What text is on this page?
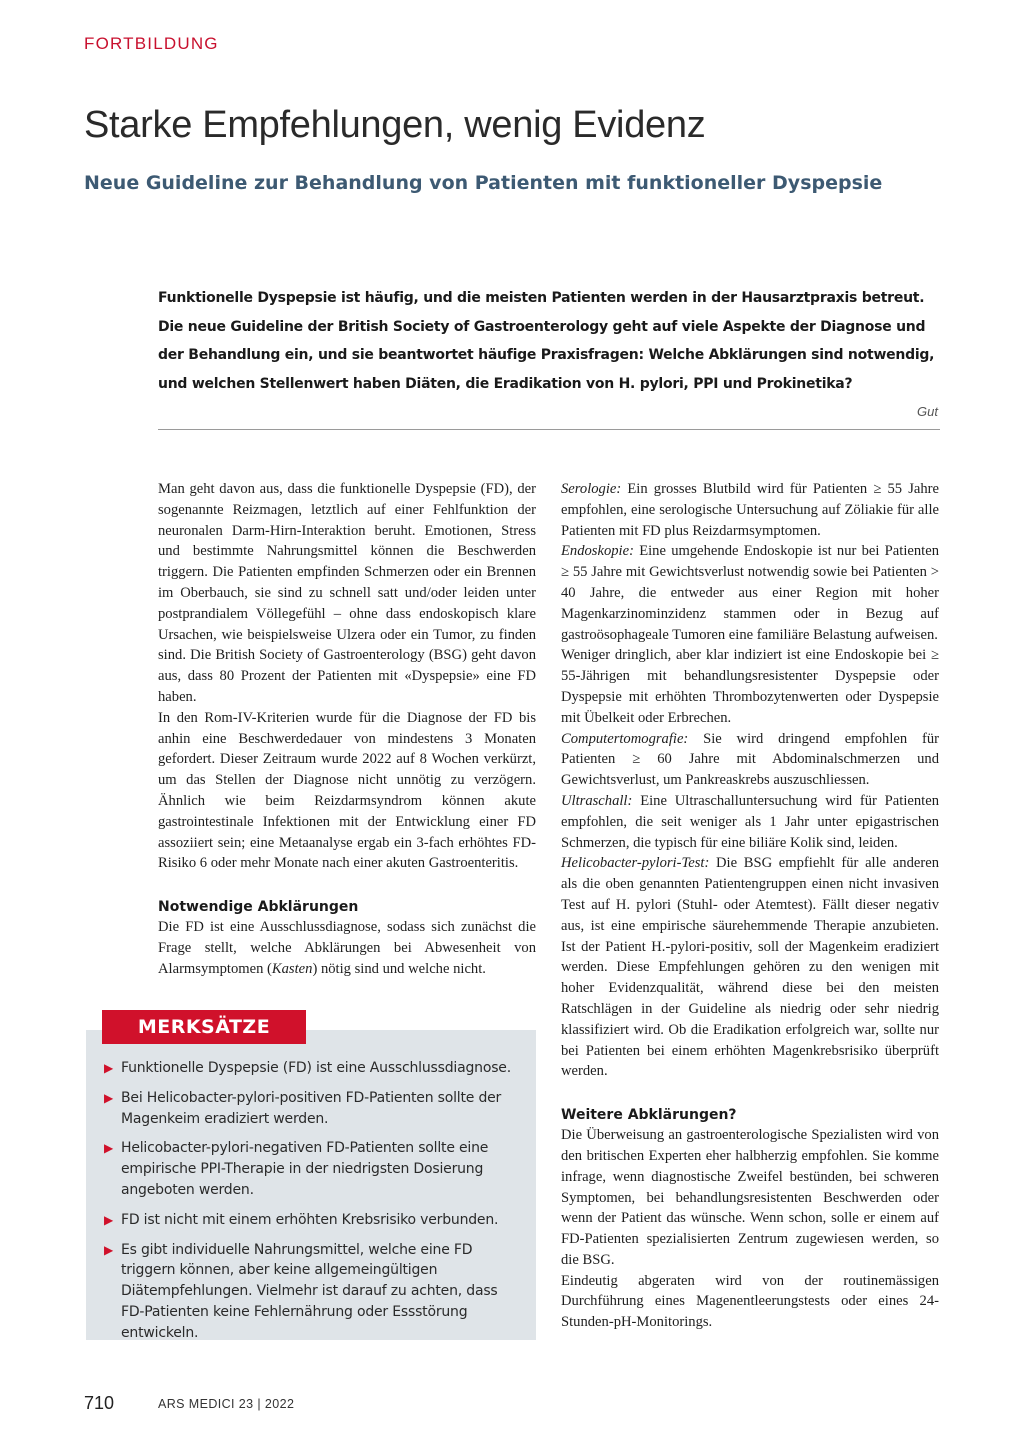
FORTBILDUNG
Starke Empfehlungen, wenig Evidenz
Neue Guideline zur Behandlung von Patienten mit funktioneller Dyspepsie

Funktionelle Dyspepsie ist häufig, und die meisten Patienten werden in der Hausarztpraxis betreut. Die neue Guideline der British Society of Gastroenterology geht auf viele Aspekte der Diagnose und der Behandlung ein, und sie beantwortet häufige Praxisfragen: Welche Abklärungen sind notwendig, und welchen Stellenwert haben Diäten, die Eradikation von H. pylori, PPI und Prokinetika?

Gut

Man geht davon aus, dass die funktionelle Dyspepsie (FD), der sogenannte Reizmagen, letztlich auf einer Fehlfunktion der neuronalen Darm-Hirn-Interaktion beruht. Emotionen, Stress und bestimmte Nahrungsmittel können die Beschwerden triggern. Die Patienten empfinden Schmerzen oder ein Brennen im Oberbauch, sie sind zu schnell satt und/oder leiden unter postprandialem Völlegefühl – ohne dass endoskopisch klare Ursachen, wie beispielsweise Ulzera oder ein Tumor, zu finden sind. Die British Society of Gastroenterology (BSG) geht davon aus, dass 80 Prozent der Patienten mit «Dyspepsie» eine FD haben.

In den Rom-IV-Kriterien wurde für die Diagnose der FD bis anhin eine Beschwerdedauer von mindestens 3 Monaten gefordert. Dieser Zeitraum wurde 2022 auf 8 Wochen verkürzt, um das Stellen der Diagnose nicht unnötig zu verzögern. Ähnlich wie beim Reizdarmsyndrom können akute gastrointestinale Infektionen mit der Entwicklung einer FD assoziiert sein; eine Metaanalyse ergab ein 3-fach erhöhtes FD-Risiko 6 oder mehr Monate nach einer akuten Gastroenteritis.

Notwendige Abklärungen

Die FD ist eine Ausschlussdiagnose, sodass sich zunächst die Frage stellt, welche Abklärungen bei Abwesenheit von Alarmsymptomen (Kasten) nötig sind und welche nicht.

MERKSÄTZE
▶ Funktionelle Dyspepsie (FD) ist eine Ausschlussdiagnose.
▶ Bei Helicobacter-pylori-positiven FD-Patienten sollte der Magenkeim eradiziert werden.
▶ Helicobacter-pylori-negativen FD-Patienten sollte eine empirische PPI-Therapie in der niedrigsten Dosierung angeboten werden.
▶ FD ist nicht mit einem erhöhten Krebsrisiko verbunden.
▶ Es gibt individuelle Nahrungsmittel, welche eine FD triggern können, aber keine allgemeingültigen Diätempfehlungen. Vielmehr ist darauf zu achten, dass FD-Patienten keine Fehlernährung oder Essstörung entwickeln.

Serologie: Ein grosses Blutbild wird für Patienten ≥ 55 Jahre empfohlen, eine serologische Untersuchung auf Zöliakie für alle Patienten mit FD plus Reizdarmsymptomen.

Endoskopie: Eine umgehende Endoskopie ist nur bei Patienten ≥ 55 Jahre mit Gewichtsverlust notwendig sowie bei Patienten > 40 Jahre, die entweder aus einer Region mit hoher Magenkarzinominzidenz stammen oder in Bezug auf gastroösophageale Tumoren eine familiäre Belastung aufweisen.

Weniger dringlich, aber klar indiziert ist eine Endoskopie bei ≥ 55-Jährigen mit behandlungsresistenter Dyspepsie oder Dyspepsie mit erhöhten Thrombozytenwerten oder Dyspepsie mit Übelkeit oder Erbrechen.

Computertomografie: Sie wird dringend empfohlen für Patienten ≥ 60 Jahre mit Abdominalschmerzen und Gewichtsverlust, um Pankreaskrebs auszuschliessen.

Ultraschall: Eine Ultraschalluntersuchung wird für Patienten empfohlen, die seit weniger als 1 Jahr unter epigastrischen Schmerzen, die typisch für eine biliäre Kolik sind, leiden.

Helicobacter-pylori-Test: Die BSG empfiehlt für alle anderen als die oben genannten Patientengruppen einen nicht invasiven Test auf H. pylori (Stuhl- oder Atemtest). Fällt dieser negativ aus, ist eine empirische säurehemmende Therapie anzubieten. Ist der Patient H.-pylori-positiv, soll der Magenkeim eradiziert werden. Diese Empfehlungen gehören zu den wenigen mit hoher Evidenzqualität, während diese bei den meisten Ratschlägen in der Guideline als niedrig oder sehr niedrig klassifiziert wird. Ob die Eradikation erfolgreich war, sollte nur bei Patienten bei einem erhöhten Magenkrebsrisiko überprüft werden.

Weitere Abklärungen?

Die Überweisung an gastroenterologische Spezialisten wird von den britischen Experten eher halbherzig empfohlen. Sie komme infrage, wenn diagnostische Zweifel bestünden, bei schweren Symptomen, bei behandlungsresistenten Beschwerden oder wenn der Patient das wünsche. Wenn schon, solle er einem auf FD-Patienten spezialisierten Zentrum zugewiesen werden, so die BSG.

Eindeutig abgeraten wird von der routinemässigen Durchführung eines Magenentleerungstests oder eines 24-Stunden-pH-Monitorings.

710	ARS MEDICI 23 | 2022
